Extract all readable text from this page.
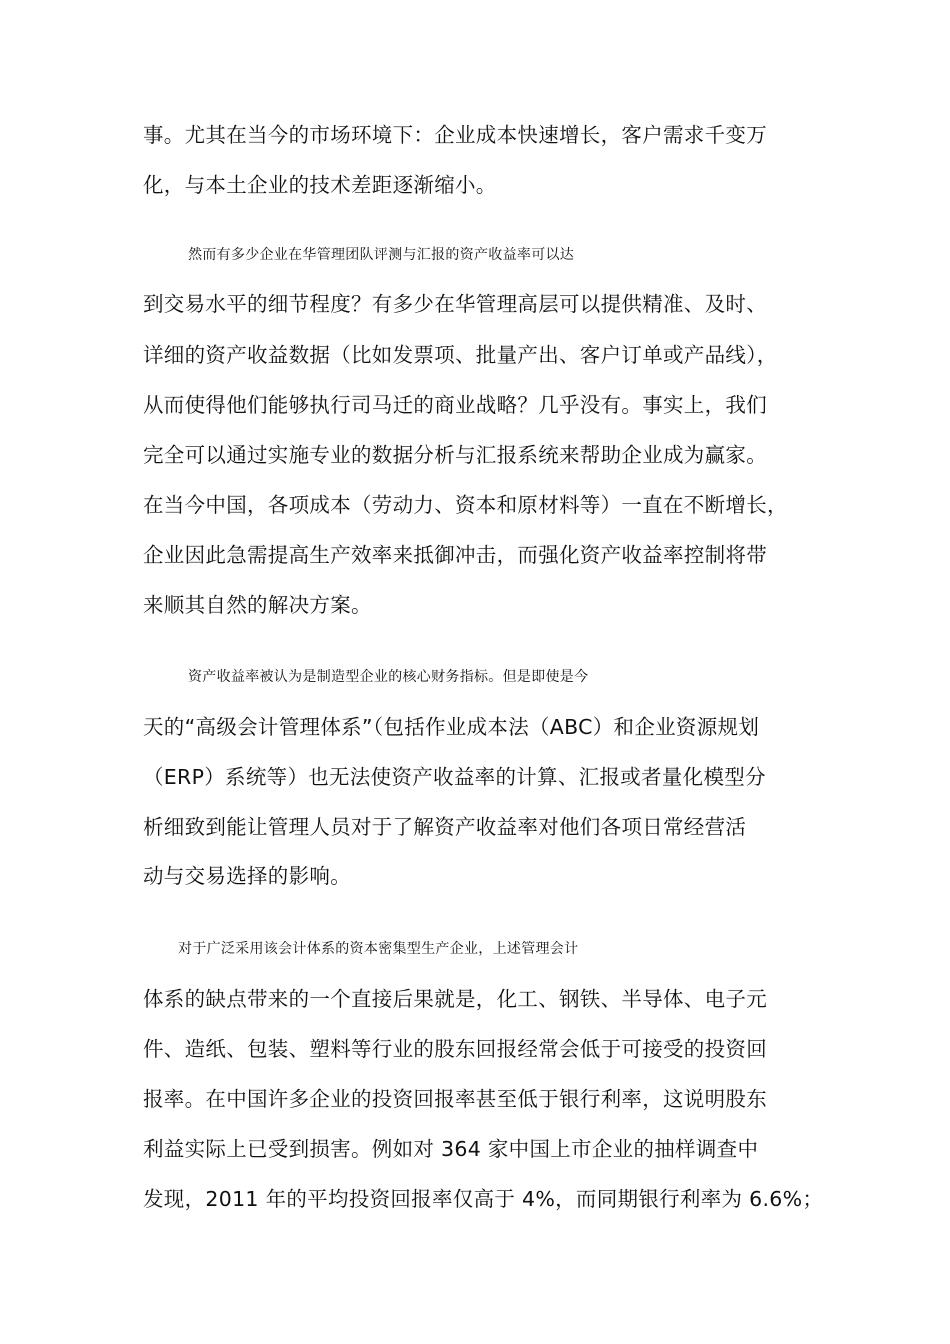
事。尤其在当今的市场环境下：企业成本快速增长，客户需求千变万
化，与本土企业的技术差距逐渐缩小。
然而有多少企业在华管理团队评测与汇报的资产收益率可以达
到交易水平的细节程度？有多少在华管理高层可以提供精准、及时、
详细的资产收益数据（比如发票项、批量产出、客户订单或产品线），
从而使得他们能够执行司马迁的商业战略？几乎没有。事实上，我们
完全可以通过实施专业的数据分析与汇报系统来帮助企业成为赢家。
在当今中国，各项成本（劳动力、资本和原材料等）一直在不断增长，
企业因此急需提高生产效率来抵御冲击，而强化资产收益率控制将带
来顺其自然的解决方案。
资产收益率被认为是制造型企业的核心财务指标。但是即使是今
天的“高级会计管理体系”（包括作业成本法（ABC）和企业资源规划
（ERP）系统等）也无法使资产收益率的计算、汇报或者量化模型分
析细致到能让管理人员对于了解资产收益率对他们各项日常经营活
动与交易选择的影响。
对于广泛采用该会计体系的资本密集型生产企业，上述管理会计
体系的缺点带来的一个直接后果就是，化工、钢铁、半导体、电子元
件、造纸、包装、塑料等行业的股东回报经常会低于可接受的投资回
报率。在中国许多企业的投资回报率甚至低于银行利率，这说明股东
利益实际上已受到损害。例如对 364 家中国上市企业的抽样调查中
发现，2011 年的平均投资回报率仅高于 4%，而同期银行利率为 6.6%；
